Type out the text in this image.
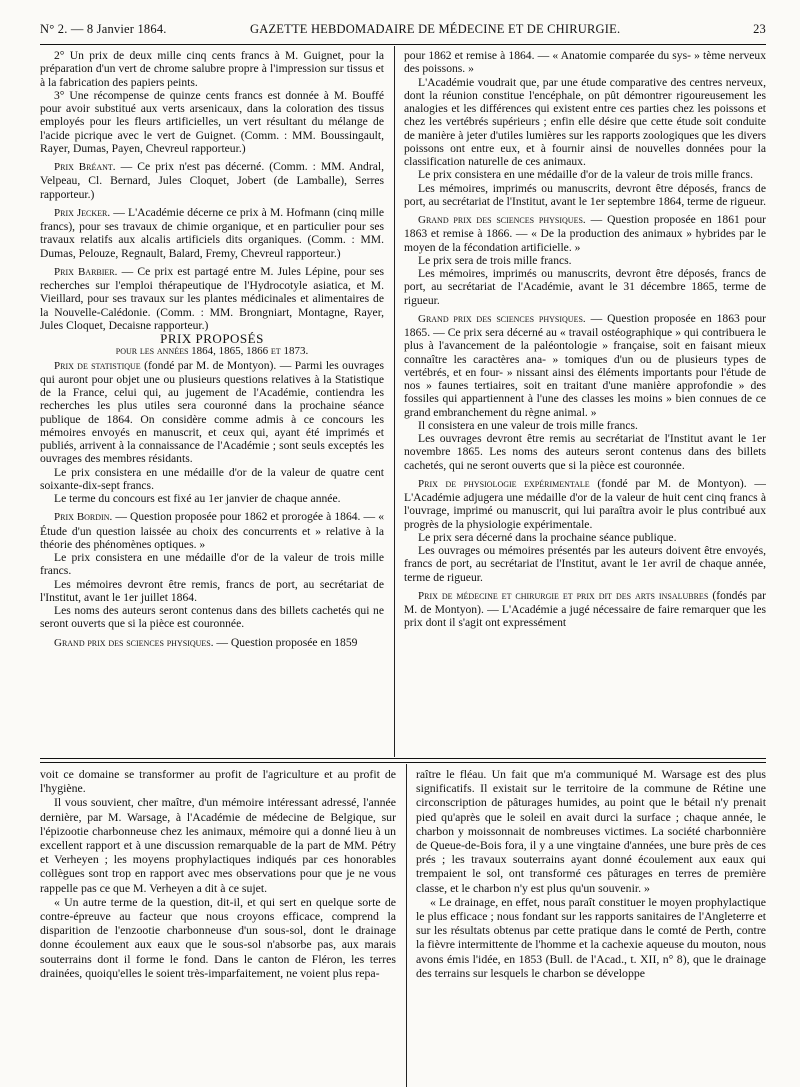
N° 2. — 8 Janvier 1864.	GAZETTE HEBDOMADAIRE DE MÉDECINE ET DE CHIRURGIE.	23

2° Un prix de deux mille cinq cents francs à M. Guignet, pour la préparation d'un vert de chrome salubre propre à l'impression sur tissus et à la fabrication des papiers peints.

3° Une récompense de quinze cents francs est donnée à M. Bouffé pour avoir substitué aux verts arsenicaux, dans la coloration des tissus employés pour les fleurs artificielles, un vert résultant du mélange de l'acide picrique avec le vert de Guignet. (Comm. : MM. Boussingault, Rayer, Dumas, Payen, Chevreul rapporteur.)

Prix Bréant. — Ce prix n'est pas décerné. (Comm. : MM. Andral, Velpeau, Cl. Bernard, Jules Cloquet, Jobert (de Lamballe), Serres rapporteur.)

Prix Jecker. — L'Académie décerne ce prix à M. Hofmann (cinq mille francs), pour ses travaux de chimie organique, et en particulier pour ses travaux relatifs aux alcalis artificiels dits organiques. (Comm. : MM. Dumas, Pelouze, Regnault, Balard, Fremy, Chevreul rapporteur.)

Prix Barbier. — Ce prix est partagé entre M. Jules Lépine, pour ses recherches sur l'emploi thérapeutique de l'Hydrocotyle asiatica, et M. Vieillard, pour ses travaux sur les plantes médicinales et alimentaires de la Nouvelle-Calédonie. (Comm. : MM. Brongniart, Montagne, Rayer, Jules Cloquet, Decaisne rapporteur.)

PRIX PROPOSÉS

pour les années 1864, 1865, 1866 et 1873.

Prix de statistique (fondé par M. de Montyon). — Parmi les ouvrages qui auront pour objet une ou plusieurs questions relatives à la Statistique de la France, celui qui, au jugement de l'Académie, contiendra les recherches les plus utiles sera couronné dans la prochaine séance publique de 1864. On considère comme admis à ce concours les mémoires envoyés en manuscrit, et ceux qui, ayant été imprimés et publiés, arrivent à la connaissance de l'Académie ; sont seuls exceptés les ouvrages des membres résidants.

Le prix consistera en une médaille d'or de la valeur de quatre cent soixante-dix-sept francs.

Le terme du concours est fixé au 1er janvier de chaque année.

Prix Bordin. — Question proposée pour 1862 et prorogée à 1864. — « Étude d'un question laissée au choix des concurrents et » relative à la théorie des phénomènes optiques. »

Le prix consistera en une médaille d'or de la valeur de trois mille francs.

Les mémoires devront être remis, francs de port, au secrétariat de l'Institut, avant le 1er juillet 1864.

Les noms des auteurs seront contenus dans des billets cachetés qui ne seront ouverts que si la pièce est couronnée.

Grand prix des sciences physiques. — Question proposée en 1859

pour 1862 et remise à 1864. — « Anatomie comparée du sys- » tème nerveux des poissons. »

L'Académie voudrait que, par une étude comparative des centres nerveux, dont la réunion constitue l'encéphale, on pût démontrer rigoureusement les analogies et les différences qui existent entre ces parties chez les poissons et chez les vertébrés supérieurs ; enfin elle désire que cette étude soit conduite de manière à jeter d'utiles lumières sur les rapports zoologiques que les divers poissons ont entre eux, et à fournir ainsi de nouvelles données pour la classification naturelle de ces animaux.

Le prix consistera en une médaille d'or de la valeur de trois mille francs.

Les mémoires, imprimés ou manuscrits, devront être déposés, francs de port, au secrétariat de l'Institut, avant le 1er septembre 1864, terme de rigueur.

Grand prix des sciences physiques. — Question proposée en 1861 pour 1863 et remise à 1866. — « De la production des animaux » hybrides par le moyen de la fécondation artificielle. »

Le prix sera de trois mille francs.

Les mémoires, imprimés ou manuscrits, devront être déposés, francs de port, au secrétariat de l'Académie, avant le 31 décembre 1865, terme de rigueur.

Grand prix des sciences physiques. — Question proposée en 1863 pour 1865. — Ce prix sera décerné au « travail ostéographique » qui contribuera le plus à l'avancement de la paléontologie » française, soit en faisant mieux connaître les caractères ana- » tomiques d'un ou de plusieurs types de vertébrés, et en four- » nissant ainsi des éléments importants pour l'étude de nos » faunes tertiaires, soit en traitant d'une manière approfondie » des fossiles qui appartiennent à l'une des classes les moins » bien connues de ce grand embranchement du règne animal. »

Il consistera en une valeur de trois mille francs.

Les ouvrages devront être remis au secrétariat de l'Institut avant le 1er novembre 1865. Les noms des auteurs seront contenus dans des billets cachetés, qui ne seront ouverts que si la pièce est couronnée.

Prix de physiologie expérimentale (fondé par M. de Montyon). — L'Académie adjugera une médaille d'or de la valeur de huit cent cinq francs à l'ouvrage, imprimé ou manuscrit, qui lui paraîtra avoir le plus contribué aux progrès de la physiologie expérimentale.

Le prix sera décerné dans la prochaine séance publique.

Les ouvrages ou mémoires présentés par les auteurs doivent être envoyés, francs de port, au secrétariat de l'Institut, avant le 1er avril de chaque année, terme de rigueur.

Prix de médecine et chirurgie et prix dit des arts insalubres (fondés par M. de Montyon). — L'Académie a jugé nécessaire de faire remarquer que les prix dont il s'agit ont expressément

voit ce domaine se transformer au profit de l'agriculture et au profit de l'hygiène.

Il vous souvient, cher maître, d'un mémoire intéressant adressé, l'année dernière, par M. Warsage, à l'Académie de médecine de Belgique, sur l'épizootie charbonneuse chez les animaux, mémoire qui a donné lieu à un excellent rapport et à une discussion remarquable de la part de MM. Pétry et Verheyen ; les moyens prophylactiques indiqués par ces honorables collègues sont trop en rapport avec mes observations pour que je ne vous rappelle pas ce que M. Verheyen a dit à ce sujet.

« Un autre terme de la question, dit-il, et qui sert en quelque sorte de contre-épreuve au facteur que nous croyons efficace, comprend la disparition de l'enzootie charbonneuse d'un sous-sol, dont le drainage donne écoulement aux eaux que le sous-sol n'absorbe pas, aux marais souterrains dont il forme le fond. Dans le canton de Fléron, les terres drainées, quoiqu'elles le soient très-imparfaitement, ne voient plus repa-

raître le fléau. Un fait que m'a communiqué M. Warsage est des plus significatifs. Il existait sur le territoire de la commune de Rétine une circonscription de pâturages humides, au point que le bétail n'y prenait pied qu'après que le soleil en avait durci la surface ; chaque année, le charbon y moissonnait de nombreuses victimes. La société charbonnière de Queue-de-Bois fora, il y a une vingtaine d'années, une bure près de ces prés ; les travaux souterrains ayant donné écoulement aux eaux qui trempaient le sol, ont transformé ces pâturages en terres de première classe, et le charbon n'y est plus qu'un souvenir. »

« Le drainage, en effet, nous paraît constituer le moyen prophylactique le plus efficace ; nous fondant sur les rapports sanitaires de l'Angleterre et sur les résultats obtenus par cette pratique dans le comté de Perth, contre la fièvre intermittente de l'homme et la cachexie aqueuse du mouton, nous avons émis l'idée, en 1853 (Bull. de l'Acad., t. XII, n° 8), que le drainage des terrains sur lesquels le charbon se développe
